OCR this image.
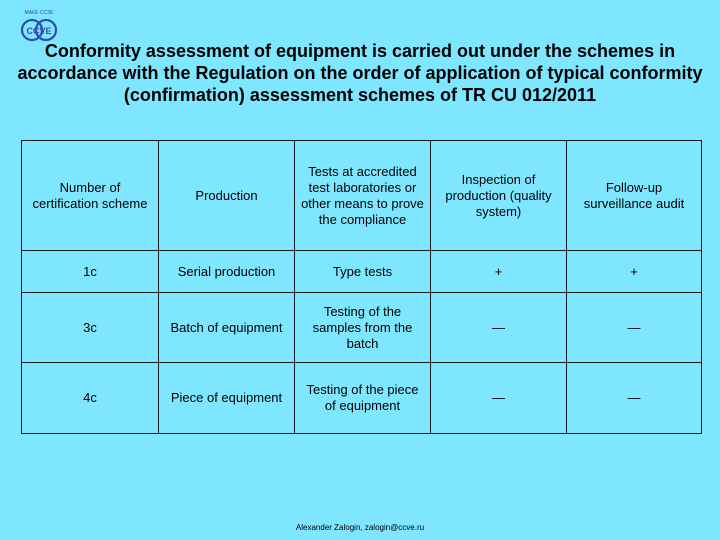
МАКЕ·ССЗЕ
CCVE
Conformity assessment of equipment is carried out under the schemes in accordance with the Regulation on the order of application of typical conformity (confirmation) assessment schemes of TR CU 012/2011
Number of certification scheme	Production	Tests at accredited test laboratories or other means to prove the compliance	Inspection of production (quality system)	Follow-up surveillance audit
1c	Serial production	Type tests	+	+
3c	Batch of equipment	Testing of the samples from the batch	—	—
4c	Piece of equipment	Testing of the piece of equipment	—	—
Alexander Zalogin, zalogin@ccve.ru
